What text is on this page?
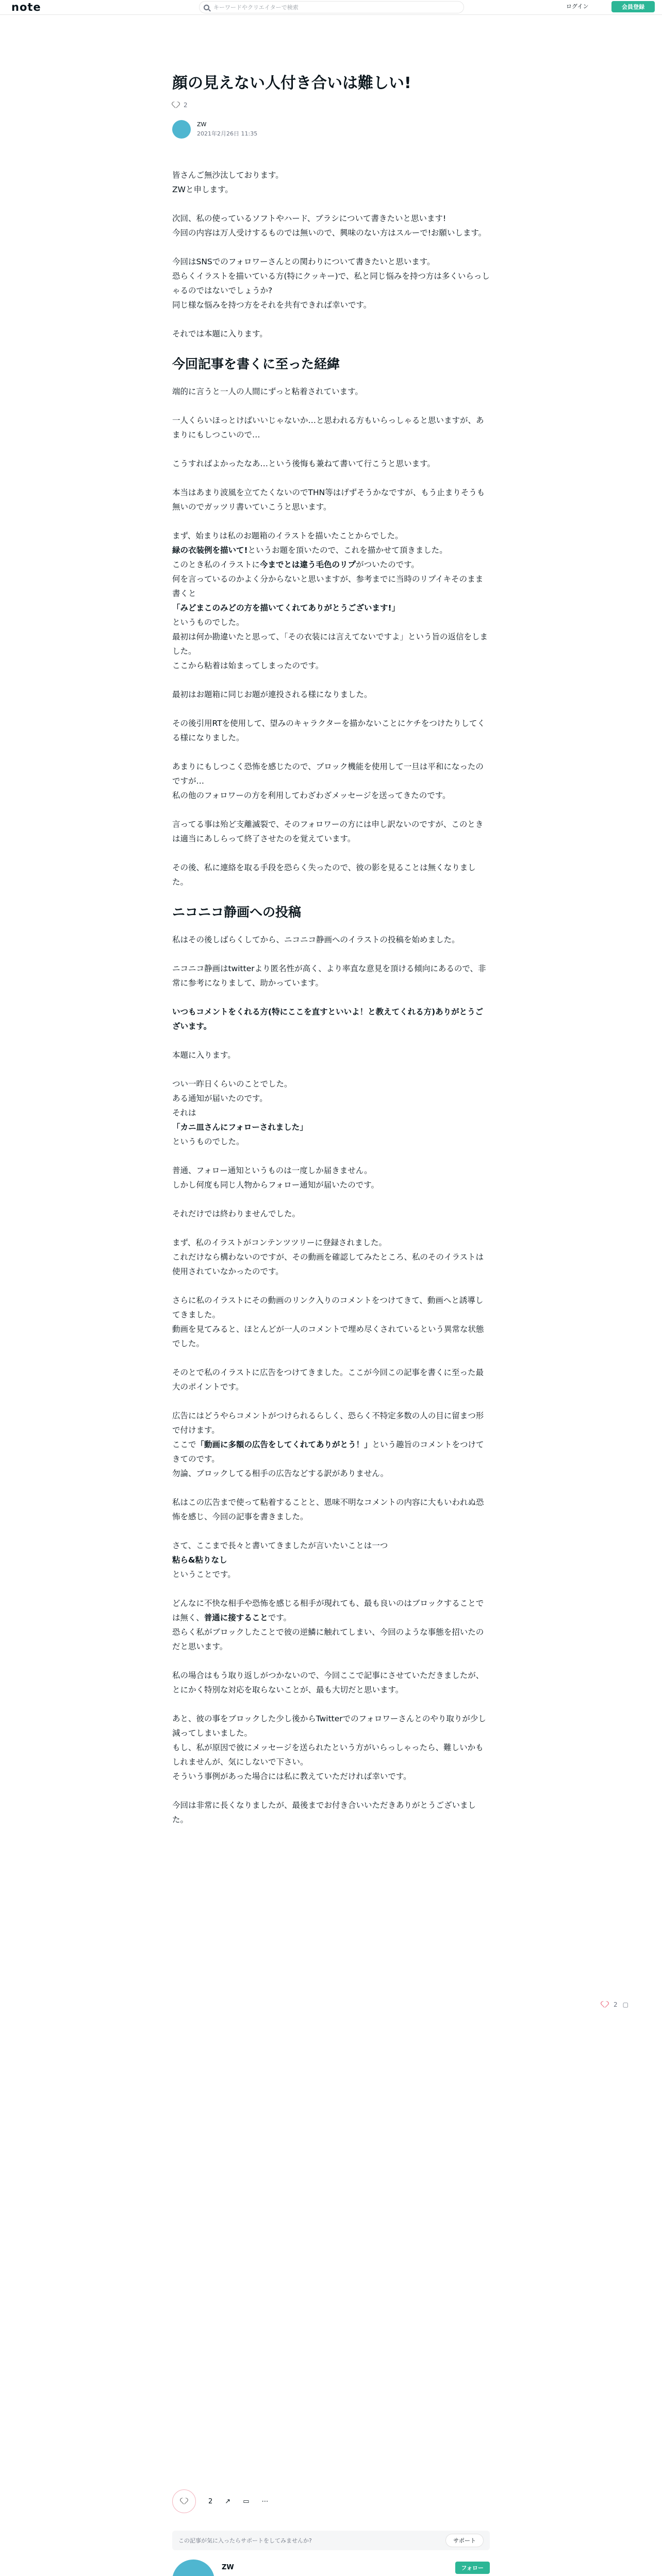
note	キーワードやクリエイターで検索	ログイン	会員登録
顔の見えない人付き合いは難しい!
2
ZW
2021年2月26日 11:35

皆さんご無沙汰しております。
ZWと申します。

次回、私の使っているソフトやハード、ブラシについて書きたいと思います!
今回の内容は万人受けするものでは無いので、興味のない方はスルーで!お願いします。

今回はSNSでのフォロワーさんとの関わりについて書きたいと思います。
恐らくイラストを描いている方(特にクッキー)で、私と同じ悩みを持つ方は多くいらっしゃるのではないでしょうか?
同じ様な悩みを持つ方をそれを共有できれば幸いです。

それでは本題に入ります。

今回記事を書くに至った経緯

端的に言うと一人の人間にずっと粘着されています。

一人くらいほっとけばいいじゃないか…と思われる方もいらっしゃると思いますが、あまりにもしつこいので…

こうすればよかったなあ…という後悔も兼ねて書いて行こうと思います。

本当はあまり波風を立てたくないのでTHN等はげずそうかなですが、もう止まりそうも無いのでガッツリ書いていこうと思います。

まず、始まりは私のお題箱のイラストを描いたことからでした。
緑の衣装例を描いて!というお題を頂いたので、これを描かせて頂きました。
このとき私のイラストに今までとは違う毛色のリプがついたのです。
何を言っているのかよく分からないと思いますが、参考までに当時のリプイキそのまま書くと
「みどまこのみどの方を描いてくれてありがとうございます!」
というものでした。
最初は何か勘違いたと思って、「その衣装には言えてないですよ」という旨の返信をしました。
ここから粘着は始まってしまったのです。

最初はお題箱に同じお題が連投される様になりました。

その後引用RTを使用して、望みのキャラクターを描かないことにケチをつけたりしてくる様になりました。

あまりにもしつこく恐怖を感じたので、ブロック機能を使用して一旦は平和になったのですが…
私の他のフォロワーの方を利用してわざわざメッセージを送ってきたのです。

言ってる事は殆ど支離滅裂で、そのフォロワーの方には申し訳ないのですが、このときは適当にあしらって終了させたのを覚えています。

その後、私に連絡を取る手段を恐らく失ったので、彼の影を見ることは無くなりました。

ニコニコ静画への投稿

私はその後しばらくしてから、ニコニコ静画へのイラストの投稿を始めました。

ニコニコ静画はtwitterより匿名性が高く、より率直な意見を頂ける傾向にあるので、非常に参考になりまして、助かっています。

いつもコメントをくれる方(特にここを直すといいよ！と教えてくれる方)ありがとうございます。

本題に入ります。

つい一昨日くらいのことでした。
ある通知が届いたのです。
それは
「カニ皿さんにフォローされました」
というものでした。

普通、フォロー通知というものは一度しか届きません。
しかし何度も同じ人物からフォロー通知が届いたのです。

それだけでは終わりませんでした。

まず、私のイラストがコンテンツツリーに登録されました。
これだけなら構わないのですが、その動画を確認してみたところ、私のそのイラストは使用されていなかったのです。

さらに私のイラストにその動画のリンク入りのコメントをつけてきて、動画へと誘導してきました。
動画を見てみると、ほとんどが一人のコメントで埋め尽くされているという異常な状態でした。

そのとで私のイラストに広告をつけてきました。ここが今回この記事を書くに至った最大のポイントです。

広告にはどうやらコメントがつけられるらしく、恐らく不特定多数の人の目に留まつ形で付けます。
ここで「動画に多額の広告をしてくれてありがとう！」という趣旨のコメントをつけてきてのです。
勿論、ブロックしてる相手の広告などする訳がありません。

私はこの広告まで使って粘着することと、恩味不明なコメントの内容に大もいわれぬ恐怖を感じ、今回の記事を書きました。

さて、ここまで長々と書いてきましたが言いたいことは一つ
粘ら&粘りなし
ということです。

どんなに不快な相手や恐怖を感じる相手が現れても、最も良いのはブロックすることでは無く、普通に接することです。
恐らく私がブロックしたことで彼の逆鱗に触れてしまい、今回のような事態を招いたのだと思います。

私の場合はもう取り返しがつかないので、今回ここで記事にさせていただきましたが、とにかく特別な対応を取らないことが、最も大切だと思います。

あと、彼の事をブロックした少し後からTwitterでのフォロワーさんとのやり取りが少し減ってしまいました。
もし、私が原因で彼にメッセージを送られたという方がいらっしゃったら、難しいかもしれませんが、気にしないで下さい。
そういう事例があった場合には私に教えていただければ幸いです。

今回は非常に長くなりましたが、最後までお付き合いいただきありがとうございました。

2 ▢
2 ↗ ▭ ⋯
この記事が気に入ったらサポートをしてみませんか?	サポート
ZW	フォロー
